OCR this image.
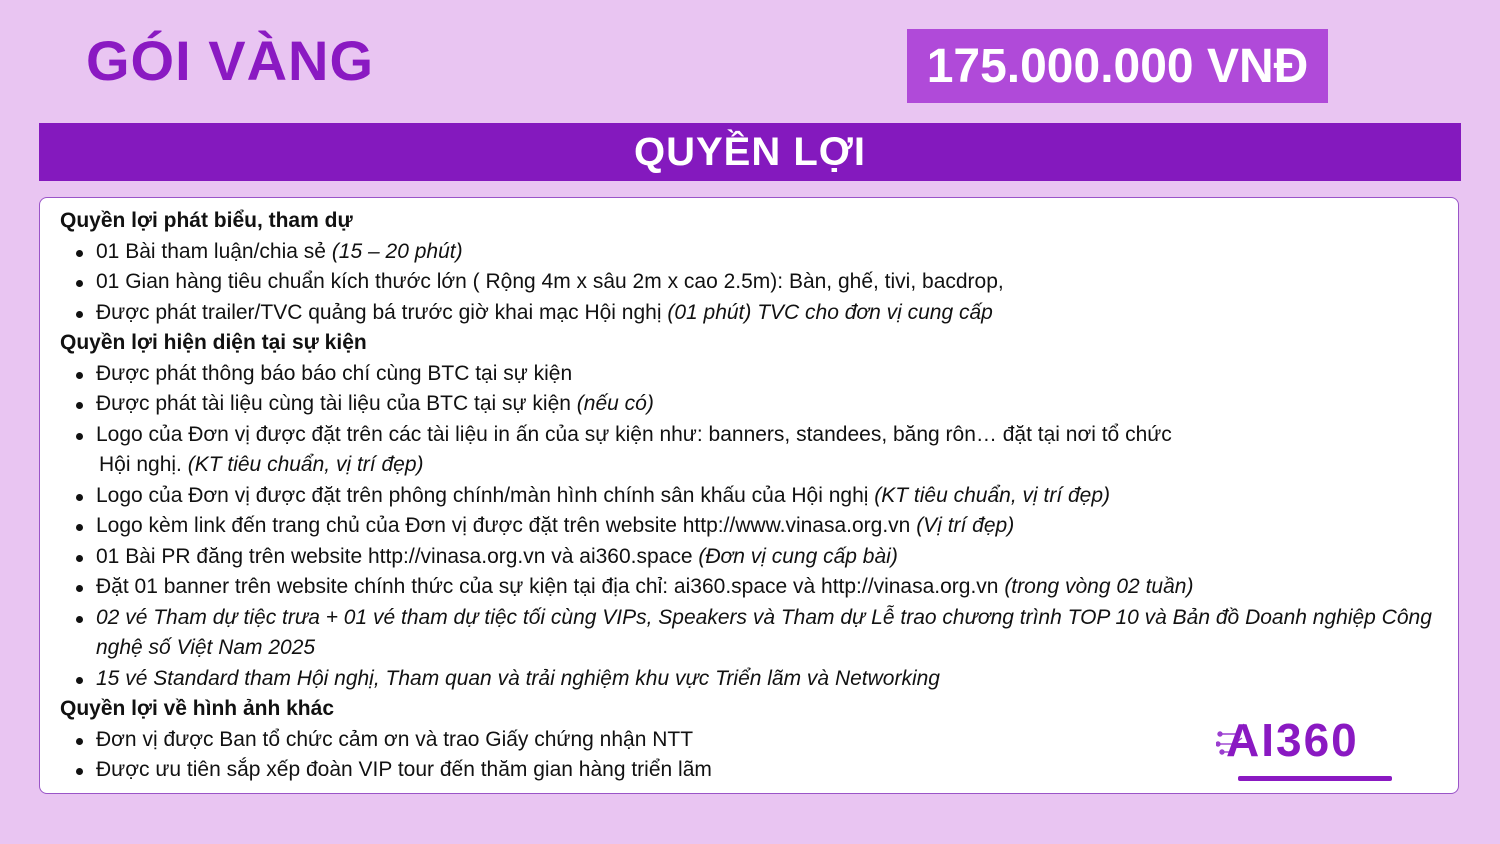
GÓI VÀNG	175.000.000 VNĐ
QUYỀN LỢI
Quyền lợi phát biểu, tham dự
01 Bài tham luận/chia sẻ (15 – 20 phút)
01 Gian hàng tiêu chuẩn kích thước lớn ( Rộng 4m x sâu 2m x cao 2.5m): Bàn, ghế, tivi, bacdrop,
Được phát trailer/TVC quảng bá trước giờ khai mạc Hội nghị (01 phút) TVC cho đơn vị cung cấp
Quyền lợi hiện diện tại sự kiện
Được phát thông báo báo chí cùng BTC tại sự kiện
Được phát tài liệu cùng tài liệu của BTC tại sự kiện (nếu có)
Logo của Đơn vị được đặt trên các tài liệu in ấn của sự kiện như: banners, standees, băng rôn… đặt tại nơi tổ chức
Hội nghị. (KT tiêu chuẩn, vị trí đẹp)
Logo của Đơn vị được đặt trên phông chính/màn hình chính sân khấu của Hội nghị (KT tiêu chuẩn, vị trí đẹp)
Logo kèm link đến trang chủ của Đơn vị được đặt trên website http://www.vinasa.org.vn (Vị trí đẹp)
01 Bài PR đăng trên website http://vinasa.org.vn và ai360.space (Đơn vị cung cấp bài)
Đặt 01 banner trên website chính thức của sự kiện tại địa chỉ: ai360.space và http://vinasa.org.vn (trong vòng 02 tuần)
02 vé Tham dự tiệc trưa + 01 vé tham dự tiệc tối cùng VIPs, Speakers và Tham dự Lễ trao chương trình TOP 10 và Bản đồ Doanh nghiệp Công nghệ số Việt Nam 2025
15 vé Standard tham Hội nghị, Tham quan và trải nghiệm khu vực Triển lãm và Networking
Quyền lợi về hình ảnh khác
Đơn vị được Ban tổ chức cảm ơn và trao Giấy chứng nhận NTT
Được ưu tiên sắp xếp đoàn VIP tour đến thăm gian hàng triển lãm
AI360
